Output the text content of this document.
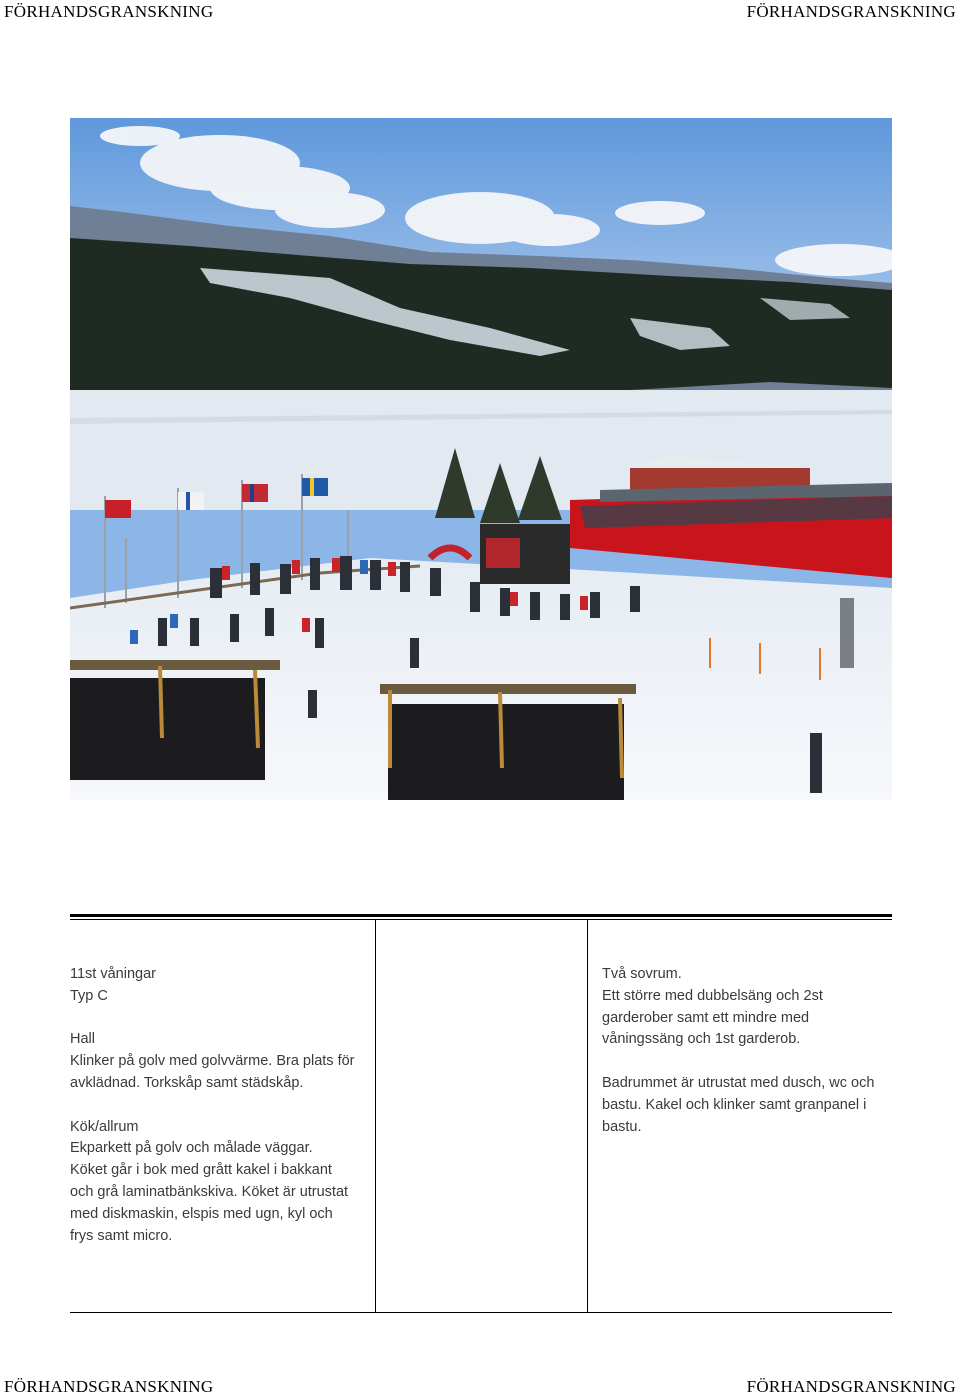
FÖRHANDSGRANSKNING	FÖRHANDSGRANSKNING

11st våningar

Typ C

Hall

Klinker på golv med golvvärme. Bra plats för

avklädnad. Torkskåp samt städskåp.

Kök/allrum

Ekparkett på golv och målade väggar.

Köket går i bok med grått kakel i bakkant

och grå laminatbänkskiva. Köket är utrustat

med diskmaskin, elspis med ugn, kyl och

frys samt micro.

Två sovrum.

Ett större med dubbelsäng och 2st

garderober samt ett mindre med

våningssäng och 1st garderob.

Badrummet är utrustat med dusch, wc och

bastu. Kakel och klinker samt granpanel i

bastu.

FÖRHANDSGRANSKNING	FÖRHANDSGRANSKNING
